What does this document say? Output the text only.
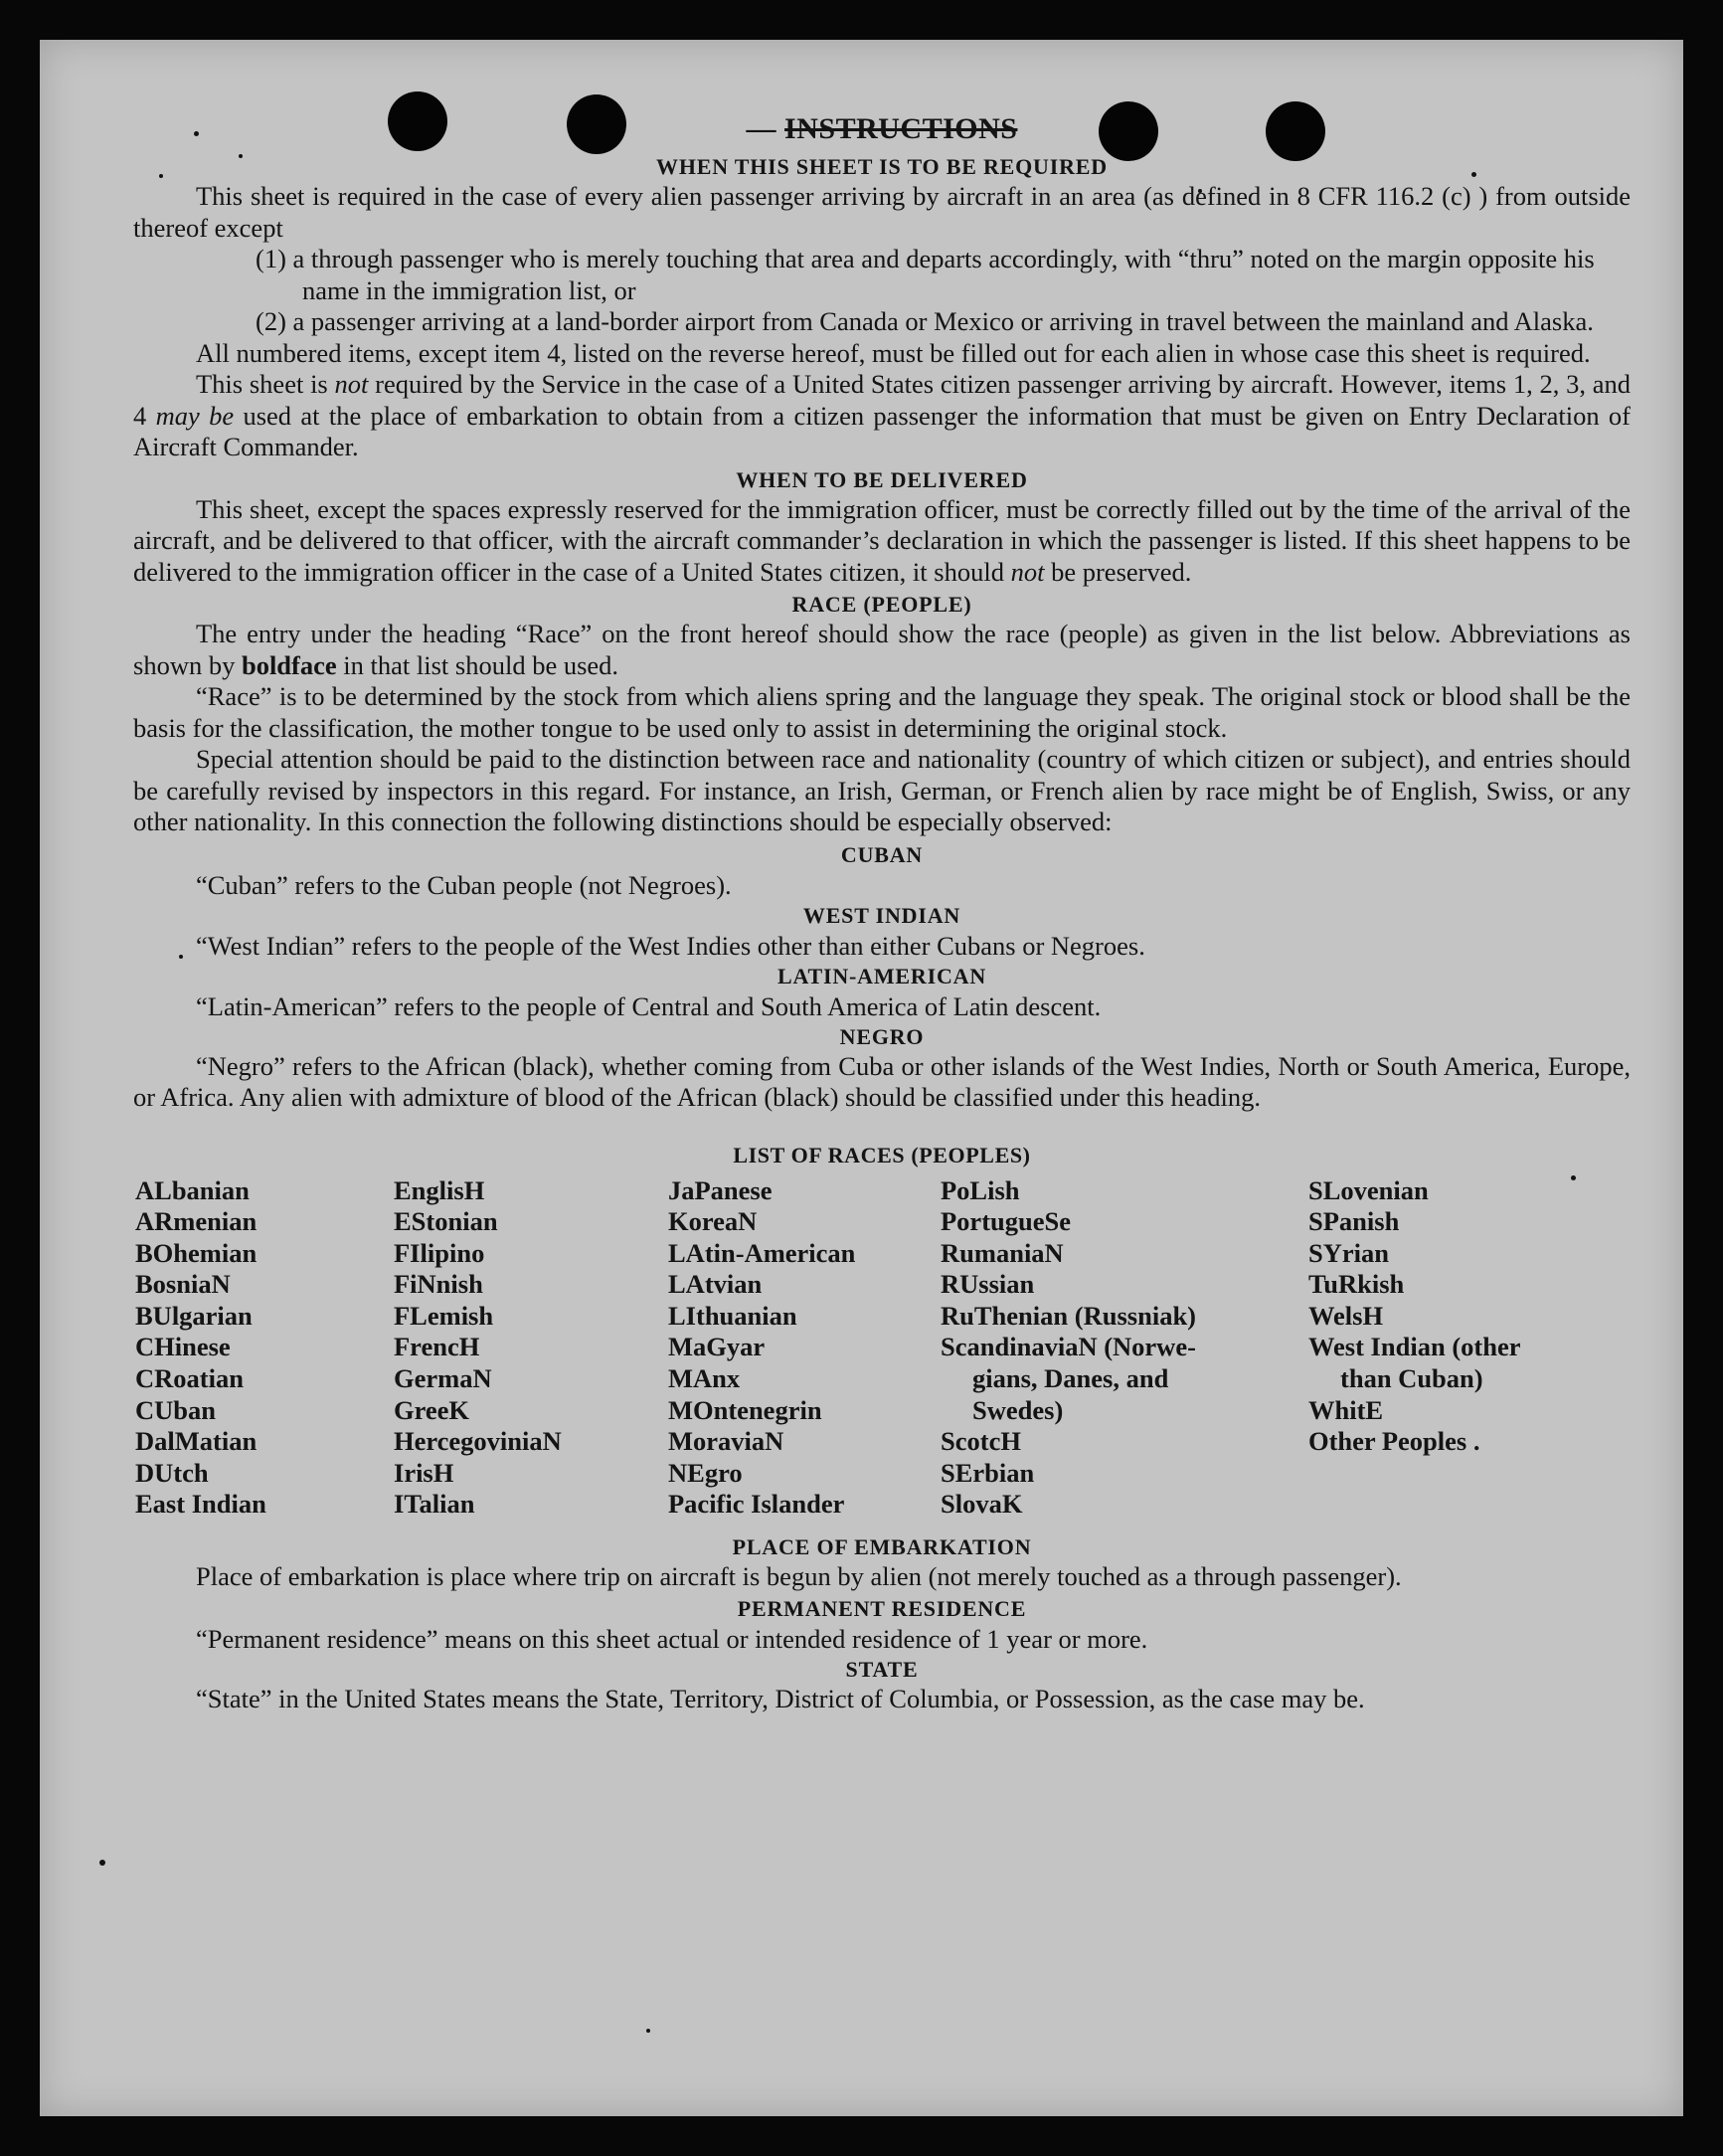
— INSTRUCTIONS

WHEN THIS SHEET IS TO BE REQUIRED

This sheet is required in the case of every alien passenger arriving by aircraft in an area (as defined in 8 CFR 116.2 (c) ) from outside thereof except

(1) a through passenger who is merely touching that area and departs accordingly, with “thru” noted on the margin opposite his name in the immigration list, or

(2) a passenger arriving at a land-border airport from Canada or Mexico or arriving in travel between the mainland and Alaska.

All numbered items, except item 4, listed on the reverse hereof, must be filled out for each alien in whose case this sheet is required.

This sheet is not required by the Service in the case of a United States citizen passenger arriving by aircraft. However, items 1, 2, 3, and 4 may be used at the place of embarkation to obtain from a citizen passenger the information that must be given on Entry Declaration of Aircraft Commander.

WHEN TO BE DELIVERED

This sheet, except the spaces expressly reserved for the immigration officer, must be correctly filled out by the time of the arrival of the aircraft, and be delivered to that officer, with the aircraft commander’s declaration in which the passenger is listed. If this sheet happens to be delivered to the immigration officer in the case of a United States citizen, it should not be preserved.

RACE (PEOPLE)

The entry under the heading “Race” on the front hereof should show the race (people) as given in the list below. Abbreviations as shown by boldface in that list should be used.

“Race” is to be determined by the stock from which aliens spring and the language they speak. The original stock or blood shall be the basis for the classification, the mother tongue to be used only to assist in determining the original stock.

Special attention should be paid to the distinction between race and nationality (country of which citizen or subject), and entries should be carefully revised by inspectors in this regard. For instance, an Irish, German, or French alien by race might be of English, Swiss, or any other nationality. In this connection the following distinctions should be especially observed:

CUBAN

“Cuban” refers to the Cuban people (not Negroes).

WEST INDIAN

“West Indian” refers to the people of the West Indies other than either Cubans or Negroes.

LATIN-AMERICAN

“Latin-American” refers to the people of Central and South America of Latin descent.

NEGRO

“Negro” refers to the African (black), whether coming from Cuba or other islands of the West Indies, North or South America, Europe, or Africa. Any alien with admixture of blood of the African (black) should be classified under this heading.

LIST OF RACES (PEOPLES)

ALbanian
ARmenian
BOhemian
BosniaN
BUlgarian
CHinese
CRoatian
CUban
DalMatian
DUtch
East Indian
EnglisH
EStonian
FIlipino
FiNnish
FLemish
FrencH
GermaN
GreeK
HercegoviniaN
IrisH
ITalian
JaPanese
KoreaN
LAtin-American
LAtvian
LIthuanian
MaGyar
MAnx
MOntenegrin
MoraviaN
NEgro
Pacific Islander
PoLish
PortugueSe
RumaniaN
RUssian
RuThenian (Russniak)
ScandinaviaN (Norwe-
gians, Danes, and
Swedes)
ScotcH
SErbian
SlovaK
SLovenian
SPanish
SYrian
TuRkish
WelsH
West Indian (other
than Cuban)
WhitE
Other Peoples .

PLACE OF EMBARKATION

Place of embarkation is place where trip on aircraft is begun by alien (not merely touched as a through passenger).

PERMANENT RESIDENCE

“Permanent residence” means on this sheet actual or intended residence of 1 year or more.

STATE

“State” in the United States means the State, Territory, District of Columbia, or Possession, as the case may be.
